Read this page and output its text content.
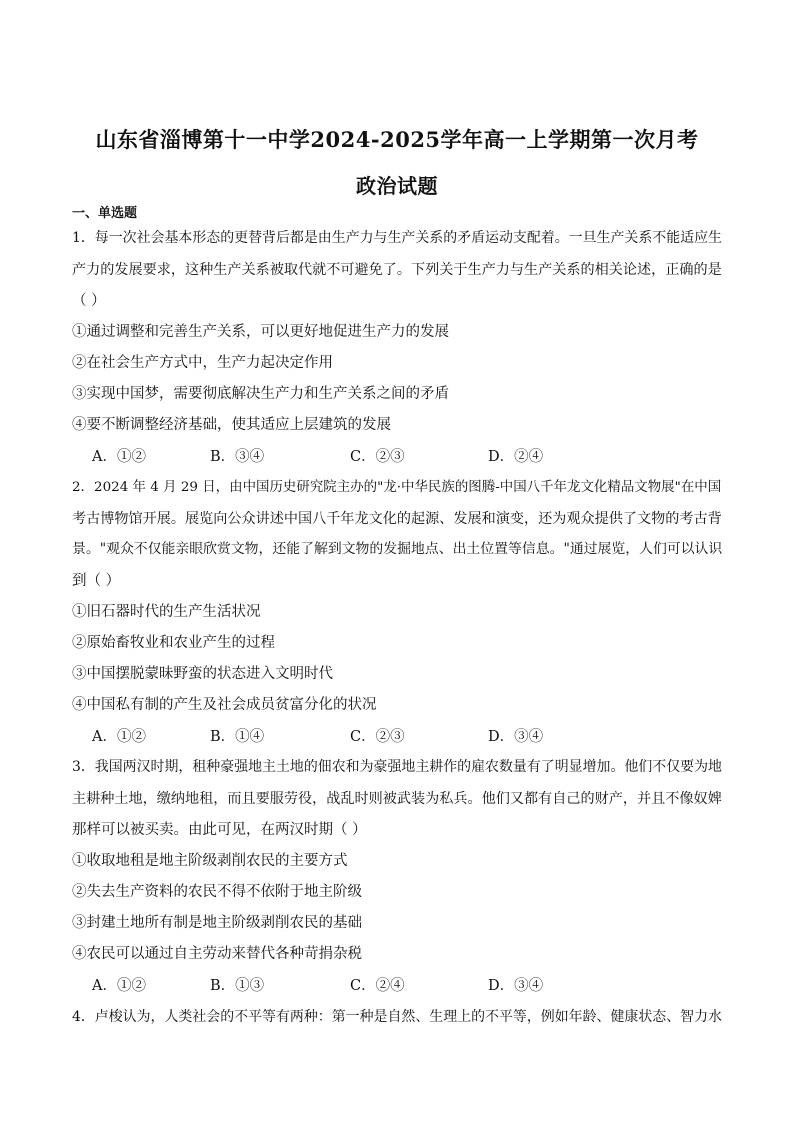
山东省淄博第十一中学2024-2025学年高一上学期第一次月考
政治试题
一、单选题
1．每一次社会基本形态的更替背后都是由生产力与生产关系的矛盾运动支配着。一旦生产关系不能适应生
产力的发展要求，这种生产关系被取代就不可避免了。下列关于生产力与生产关系的相关论述，正确的是
（ ）
①通过调整和完善生产关系，可以更好地促进生产力的发展
②在社会生产方式中，生产力起决定作用
③实现中国梦，需要彻底解决生产力和生产关系之间的矛盾
④要不断调整经济基础，使其适应上层建筑的发展
A．①②	B．③④	C．②③	D．②④
2．2024 年 4 月 29 日，由中国历史研究院主办的"龙·中华民族的图腾-中国八千年龙文化精品文物展"在中国
考古博物馆开展。展览向公众讲述中国八千年龙文化的起源、发展和演变，还为观众提供了文物的考古背
景。"观众不仅能亲眼欣赏文物，还能了解到文物的发掘地点、出土位置等信息。"通过展览，人们可以认识
到（ ）
①旧石器时代的生产生活状况
②原始畜牧业和农业产生的过程
③中国摆脱蒙昧野蛮的状态进入文明时代
④中国私有制的产生及社会成员贫富分化的状况
A．①②	B．①④	C．②③	D．③④
3．我国两汉时期，租种豪强地主土地的佃农和为豪强地主耕作的雇农数量有了明显增加。他们不仅要为地
主耕种土地，缴纳地租，而且要服劳役，战乱时则被武装为私兵。他们又都有自己的财产，并且不像奴婢
那样可以被买卖。由此可见，在两汉时期（ ）
①收取地租是地主阶级剥削农民的主要方式
②失去生产资料的农民不得不依附于地主阶级
③封建土地所有制是地主阶级剥削农民的基础
④农民可以通过自主劳动来替代各种苛捐杂税
A．①②	B．①③	C．②④	D．③④
4．卢梭认为，人类社会的不平等有两种：第一种是自然、生理上的不平等，例如年龄、健康状态、智力水
